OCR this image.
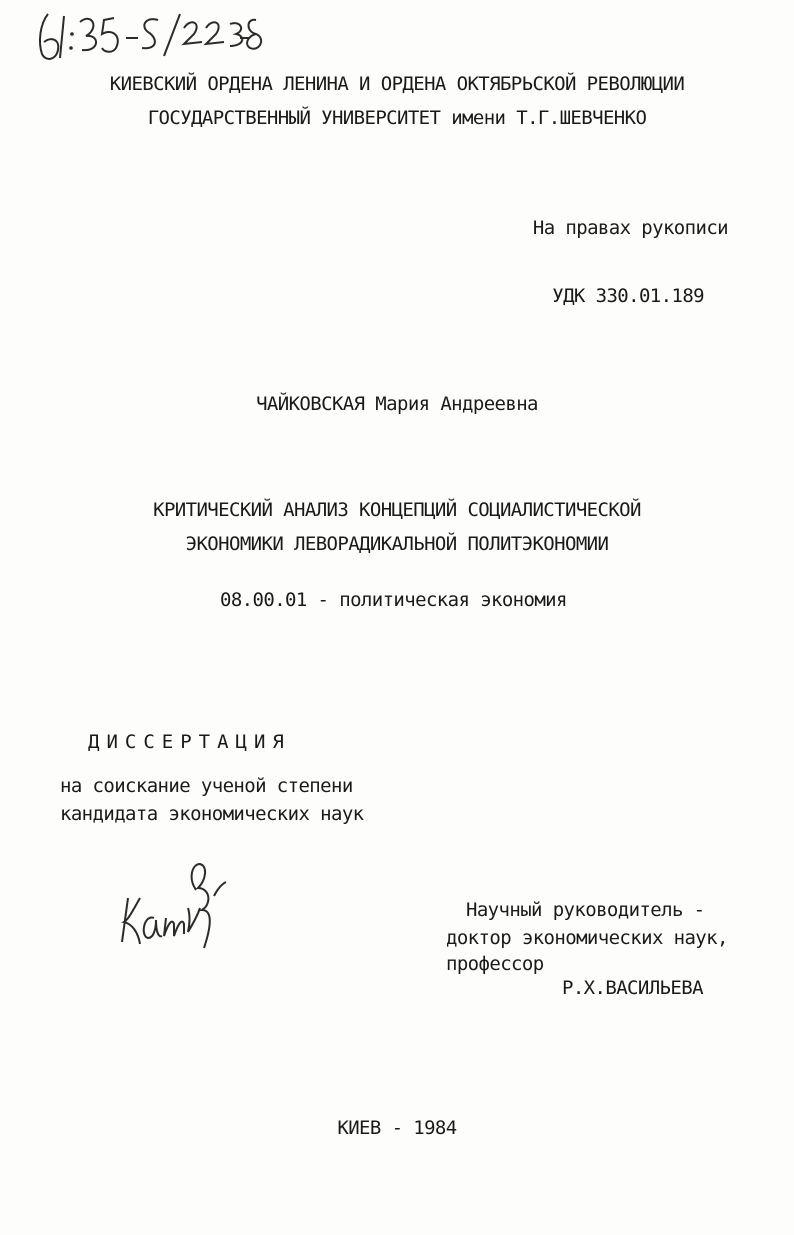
КИЕВСКИЙ ОРДЕНА ЛЕНИНА И ОРДЕНА ОКТЯБРЬСКОЙ РЕВОЛЮЦИИ
ГОСУДАРСТВЕННЫЙ УНИВЕРСИТЕТ имени Т.Г.ШЕВЧЕНКО
На правах рукописи
УДК 330.01.189
ЧАЙКОВСКАЯ Мария Андреевна
КРИТИЧЕСКИЙ АНАЛИЗ КОНЦЕПЦИЙ СОЦИАЛИСТИЧЕСКОЙ
ЭКОНОМИКИ ЛЕВОРАДИКАЛЬНОЙ ПОЛИТЭКОНОМИИ
08.00.01 - политическая экономия
ДИССЕРТАЦИЯ
на соискание ученой степени
кандидата экономических наук
Научный руководитель -
доктор экономических наук,
профессор
Р.Х.ВАСИЛЬЕВА
КИЕВ - 1984
